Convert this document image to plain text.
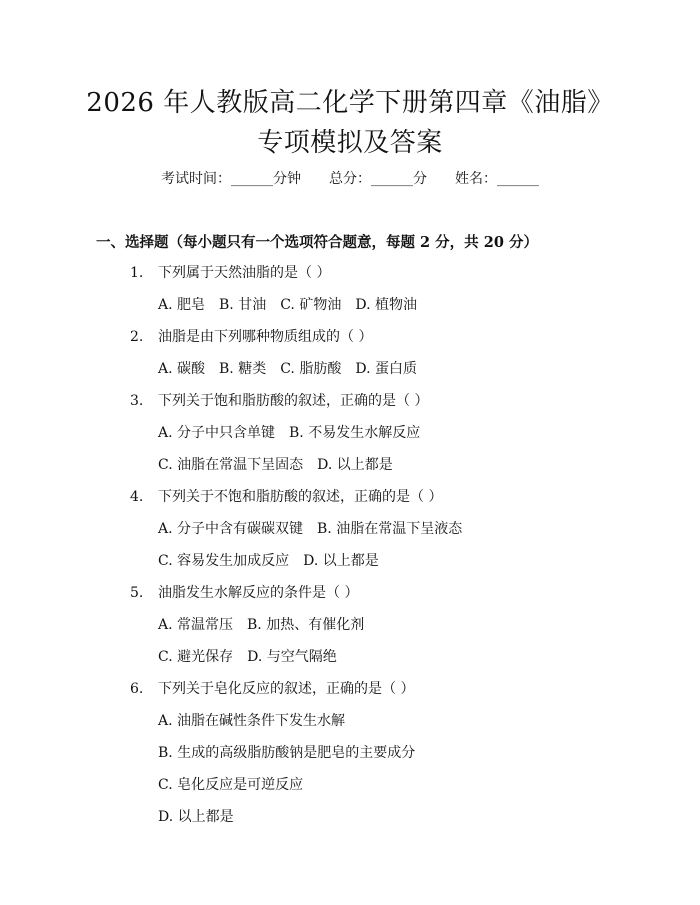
2026 年人教版高二化学下册第四章《油脂》
专项模拟及答案
考试时间：______分钟 总分：______分 姓名：______
一、选择题（每小题只有一个选项符合题意，每题 2 分，共 20 分）
1. 下列属于天然油脂的是（ ）
A. 肥皂 B. 甘油 C. 矿物油 D. 植物油
2. 油脂是由下列哪种物质组成的（ ）
A. 碳酸 B. 糖类 C. 脂肪酸 D. 蛋白质
3. 下列关于饱和脂肪酸的叙述，正确的是（ ）
A. 分子中只含单键 B. 不易发生水解反应
C. 油脂在常温下呈固态 D. 以上都是
4. 下列关于不饱和脂肪酸的叙述，正确的是（ ）
A. 分子中含有碳碳双键 B. 油脂在常温下呈液态
C. 容易发生加成反应 D. 以上都是
5. 油脂发生水解反应的条件是（ ）
A. 常温常压 B. 加热、有催化剂
C. 避光保存 D. 与空气隔绝
6. 下列关于皂化反应的叙述，正确的是（ ）
A. 油脂在碱性条件下发生水解
B. 生成的高级脂肪酸钠是肥皂的主要成分
C. 皂化反应是可逆反应
D. 以上都是
